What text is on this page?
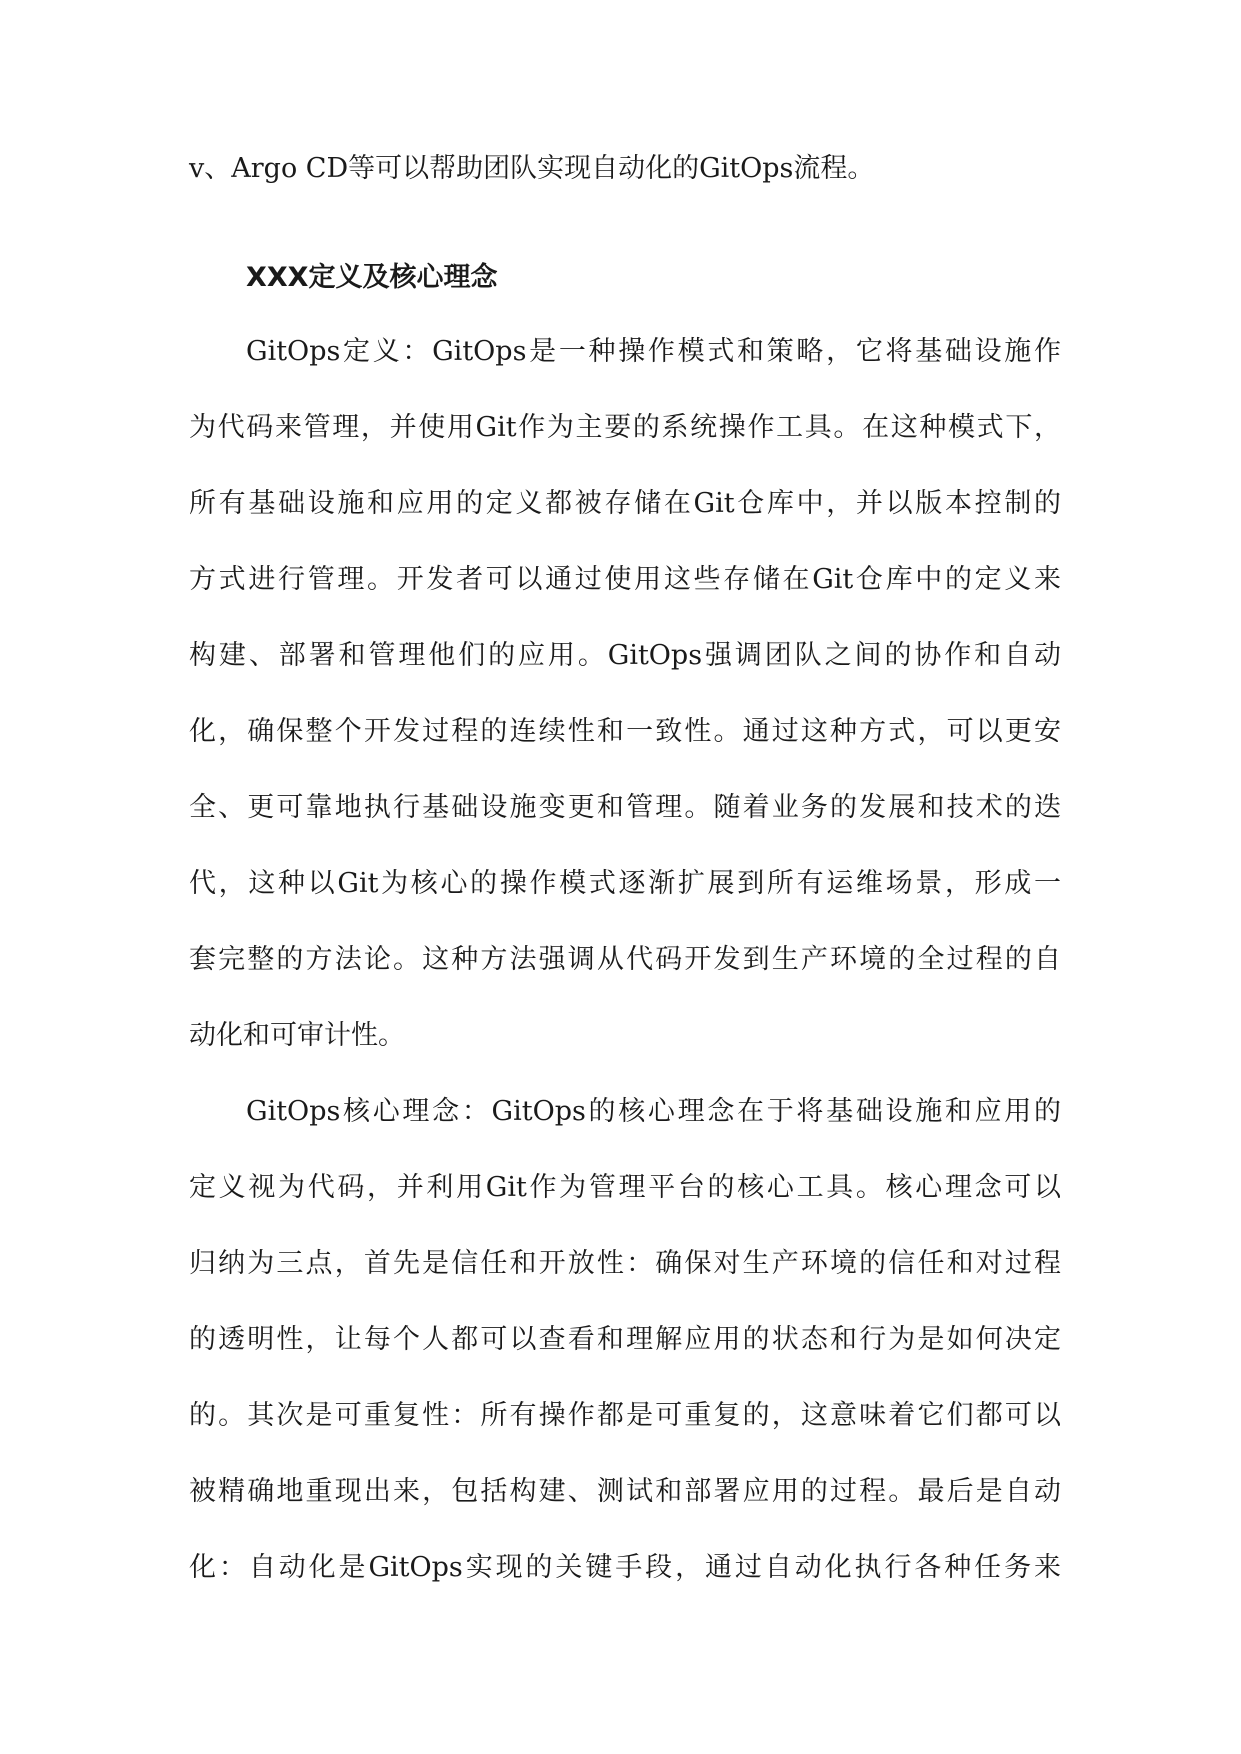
v、Argo CD等可以帮助团队实现自动化的GitOps流程。
XXX定义及核心理念
GitOps定义：GitOps是一种操作模式和策略，它将基础设施作
为代码来管理，并使用Git作为主要的系统操作工具。在这种模式下，
所有基础设施和应用的定义都被存储在Git仓库中，并以版本控制的
方式进行管理。开发者可以通过使用这些存储在Git仓库中的定义来
构建、部署和管理他们的应用。GitOps强调团队之间的协作和自动
化，确保整个开发过程的连续性和一致性。通过这种方式，可以更安
全、更可靠地执行基础设施变更和管理。随着业务的发展和技术的迭
代，这种以Git为核心的操作模式逐渐扩展到所有运维场景，形成一
套完整的方法论。这种方法强调从代码开发到生产环境的全过程的自
动化和可审计性。
GitOps核心理念：GitOps的核心理念在于将基础设施和应用的
定义视为代码，并利用Git作为管理平台的核心工具。核心理念可以
归纳为三点，首先是信任和开放性：确保对生产环境的信任和对过程
的透明性，让每个人都可以查看和理解应用的状态和行为是如何决定
的。其次是可重复性：所有操作都是可重复的，这意味着它们都可以
被精确地重现出来，包括构建、测试和部署应用的过程。最后是自动
化：自动化是GitOps实现的关键手段，通过自动化执行各种任务来
